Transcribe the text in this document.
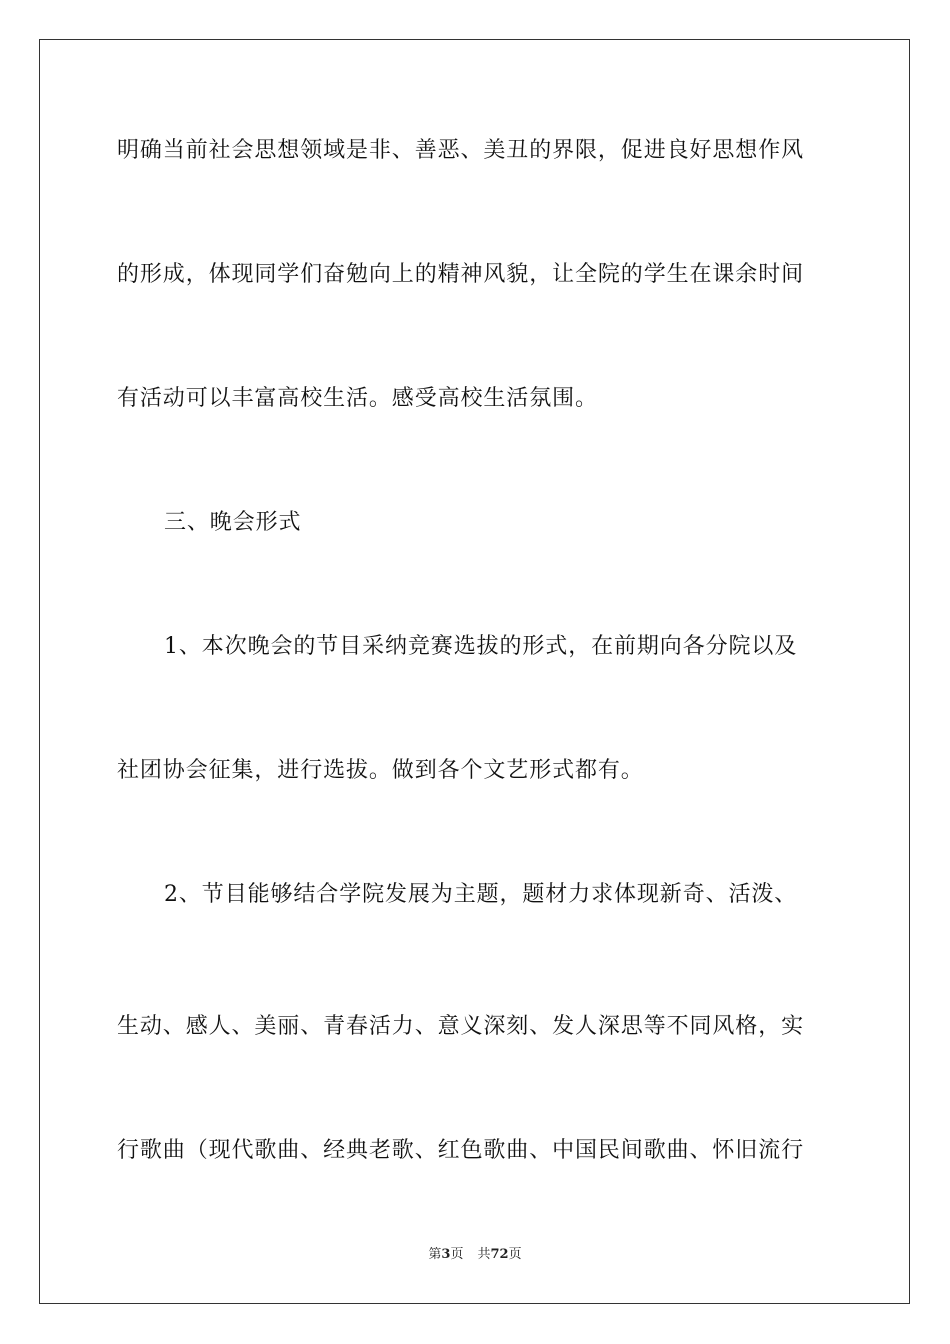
明确当前社会思想领域是非、善恶、美丑的界限，促进良好思想作风
的形成，体现同学们奋勉向上的精神风貌，让全院的学生在课余时间
有活动可以丰富高校生活。感受高校生活氛围。
三、晚会形式
1、本次晚会的节目采纳竞赛选拔的形式，在前期向各分院以及
社团协会征集，进行选拔。做到各个文艺形式都有。
2、节目能够结合学院发展为主题，题材力求体现新奇、活泼、
生动、感人、美丽、青春活力、意义深刻、发人深思等不同风格，实
行歌曲（现代歌曲、经典老歌、红色歌曲、中国民间歌曲、怀旧流行
第3页 共72页
